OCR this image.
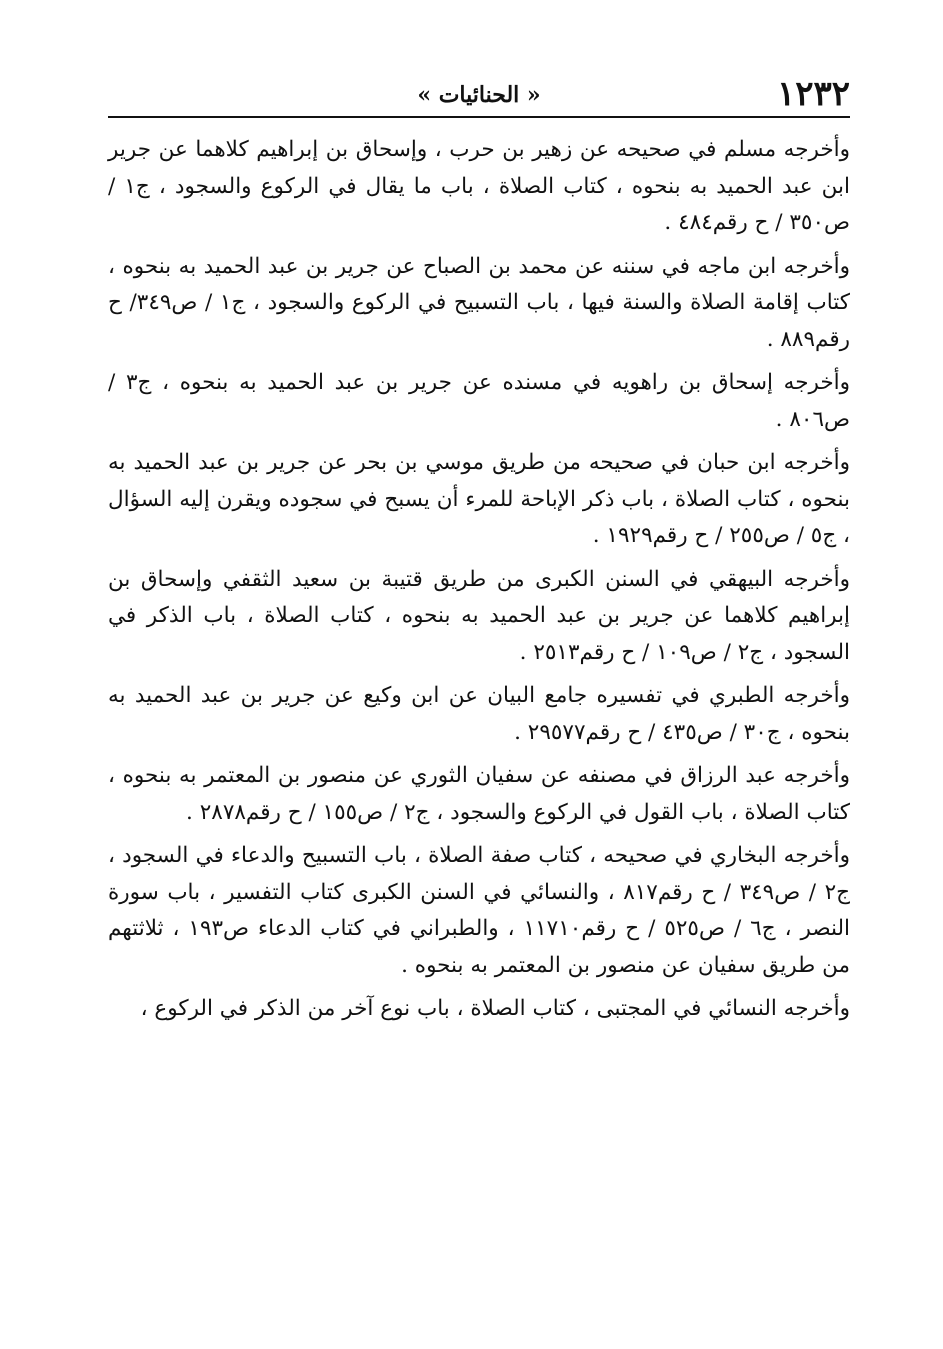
١٢٣٢
« الحنائيات »

وأخرجه مسلم في صحيحه عن زهير بن حرب ، وإسحاق بن إبراهيم كلاهما عن جرير ابن عبد الحميد به بنحوه ، كتاب الصلاة ، باب ما يقال في الركوع والسجود ، ج١ / ص٣٥٠ / ح رقم٤٨٤ .

وأخرجه ابن ماجه في سننه عن محمد بن الصباح عن جرير بن عبد الحميد به بنحوه ، كتاب إقامة الصلاة والسنة فيها ، باب التسبيح في الركوع والسجود ، ج١ / ص٣٤٩/ ح رقم٨٨٩ .

وأخرجه إسحاق بن راهويه في مسنده عن جرير بن عبد الحميد به بنحوه ، ج٣ / ص٨٠٦ .

وأخرجه ابن حبان في صحيحه من طريق موسي بن بحر عن جرير بن عبد الحميد به بنحوه ، كتاب الصلاة ، باب ذكر الإباحة للمرء أن يسبح في سجوده ويقرن إليه السؤال ، ج٥ / ص٢٥٥ / ح رقم١٩٢٩ .

وأخرجه البيهقي في السنن الكبرى من طريق قتيبة بن سعيد الثقفي وإسحاق بن إبراهيم كلاهما عن جرير بن عبد الحميد به بنحوه ، كتاب الصلاة ، باب الذكر في السجود ، ج٢ / ص١٠٩ / ح رقم٢٥١٣ .

وأخرجه الطبري في تفسيره جامع البيان عن ابن وكيع عن جرير بن عبد الحميد به بنحوه ، ج٣٠ / ص٤٣٥ / ح رقم٢٩٥٧٧ .

وأخرجه عبد الرزاق في مصنفه عن سفيان الثوري عن منصور بن المعتمر به بنحوه ، كتاب الصلاة ، باب القول في الركوع والسجود ، ج٢ / ص١٥٥ / ح رقم٢٨٧٨ .

وأخرجه البخاري في صحيحه ، كتاب صفة الصلاة ، باب التسبيح والدعاء في السجود ، ج٢ / ص٣٤٩ / ح رقم٨١٧ ، والنسائي في السنن الكبرى كتاب التفسير ، باب سورة النصر ، ج٦ / ص٥٢٥ / ح رقم١١٧١٠ ، والطبراني في كتاب الدعاء ص١٩٣ ، ثلاثتهم من طريق سفيان عن منصور بن المعتمر به بنحوه .

وأخرجه النسائي في المجتبى ، كتاب الصلاة ، باب نوع آخر من الذكر في الركوع ،
